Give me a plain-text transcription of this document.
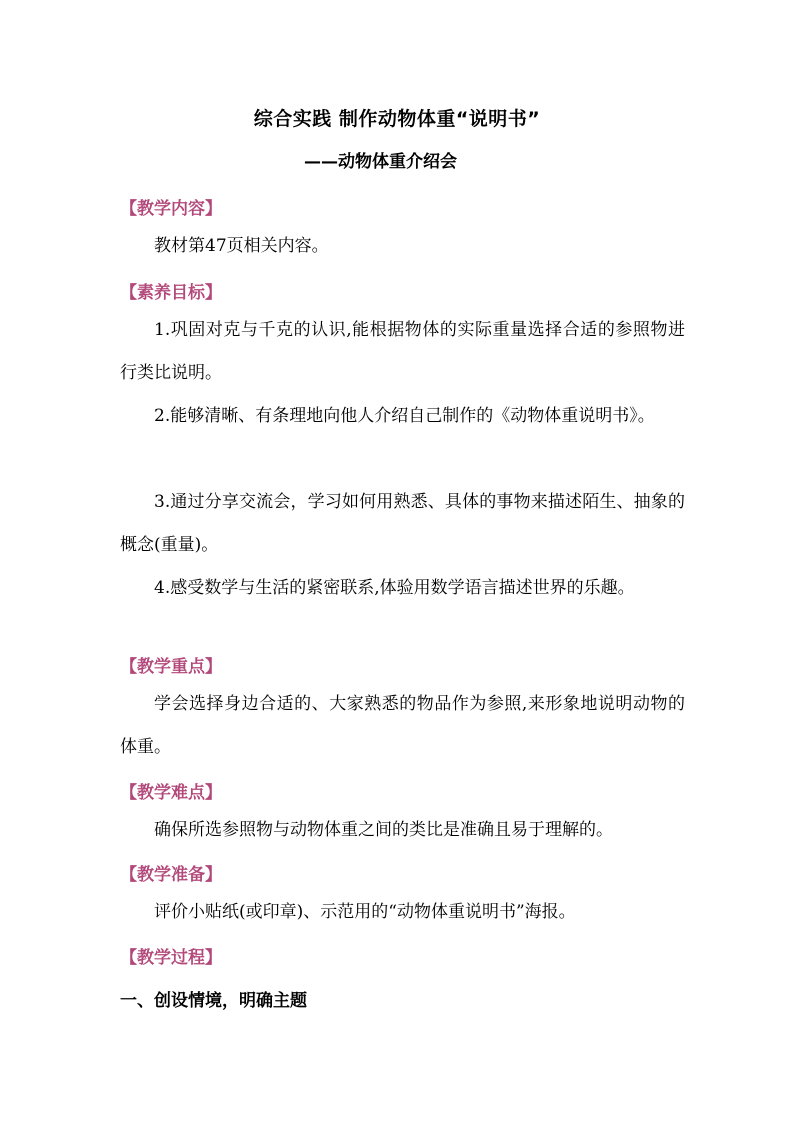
综合实践 制作动物体重“说明书”
——动物体重介绍会
【教学内容】

教材第47页相关内容。

【素养目标】

1.巩固对克与千克的认识,能根据物体的实际重量选择合适的参照物进行类比说明。

2.能够清晰、有条理地向他人介绍自己制作的《动物体重说明书》。

3.通过分享交流会，学习如何用熟悉、具体的事物来描述陌生、抽象的概念(重量)。

4.感受数学与生活的紧密联系,体验用数学语言描述世界的乐趣。

【教学重点】

学会选择身边合适的、大家熟悉的物品作为参照,来形象地说明动物的体重。

【教学难点】

确保所选参照物与动物体重之间的类比是准确且易于理解的。

【教学准备】

评价小贴纸(或印章)、示范用的“动物体重说明书”海报。

【教学过程】
一、创设情境，明确主题
